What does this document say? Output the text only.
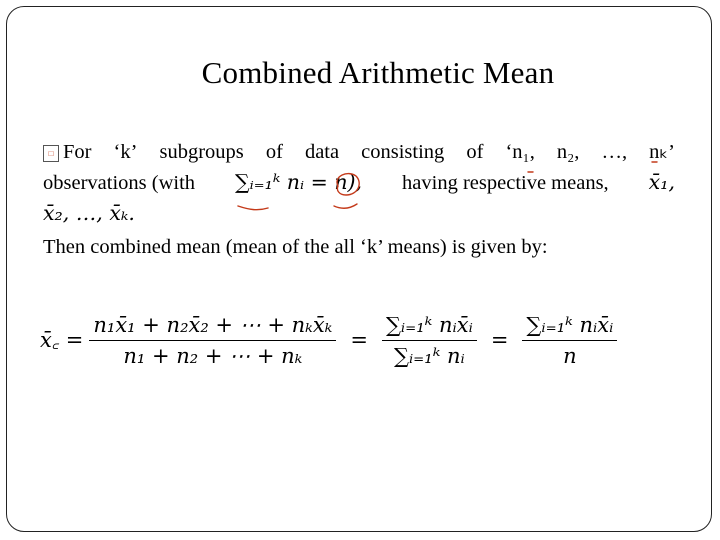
Combined Arithmetic Mean
□ For ‘k’ subgroups of data consisting of ‘n₁, n₂, …, nₖ’
observations (with ∑ᵢ₌₁ᵏ nᵢ = n), having respective means, x̄₁,
x̄₂, …, x̄ₖ.
Then combined mean (mean of the all ‘k’ means) is given by:
x̄꜀ = $\frac{\text{n₁x̄₁ + n₂x̄₂ + ⋯ + nₖx̄ₖ}}{\text{n₁ + n₂ + ⋯ + nₖ}} = \frac{\text{∑ᵢ₌₁ᵏ nᵢx̄ᵢ}}{\text{∑ᵢ₌₁ᵏ nᵢ}} = \frac{\text{∑ᵢ₌₁ᵏ nᵢx̄ᵢ}}{n}$
